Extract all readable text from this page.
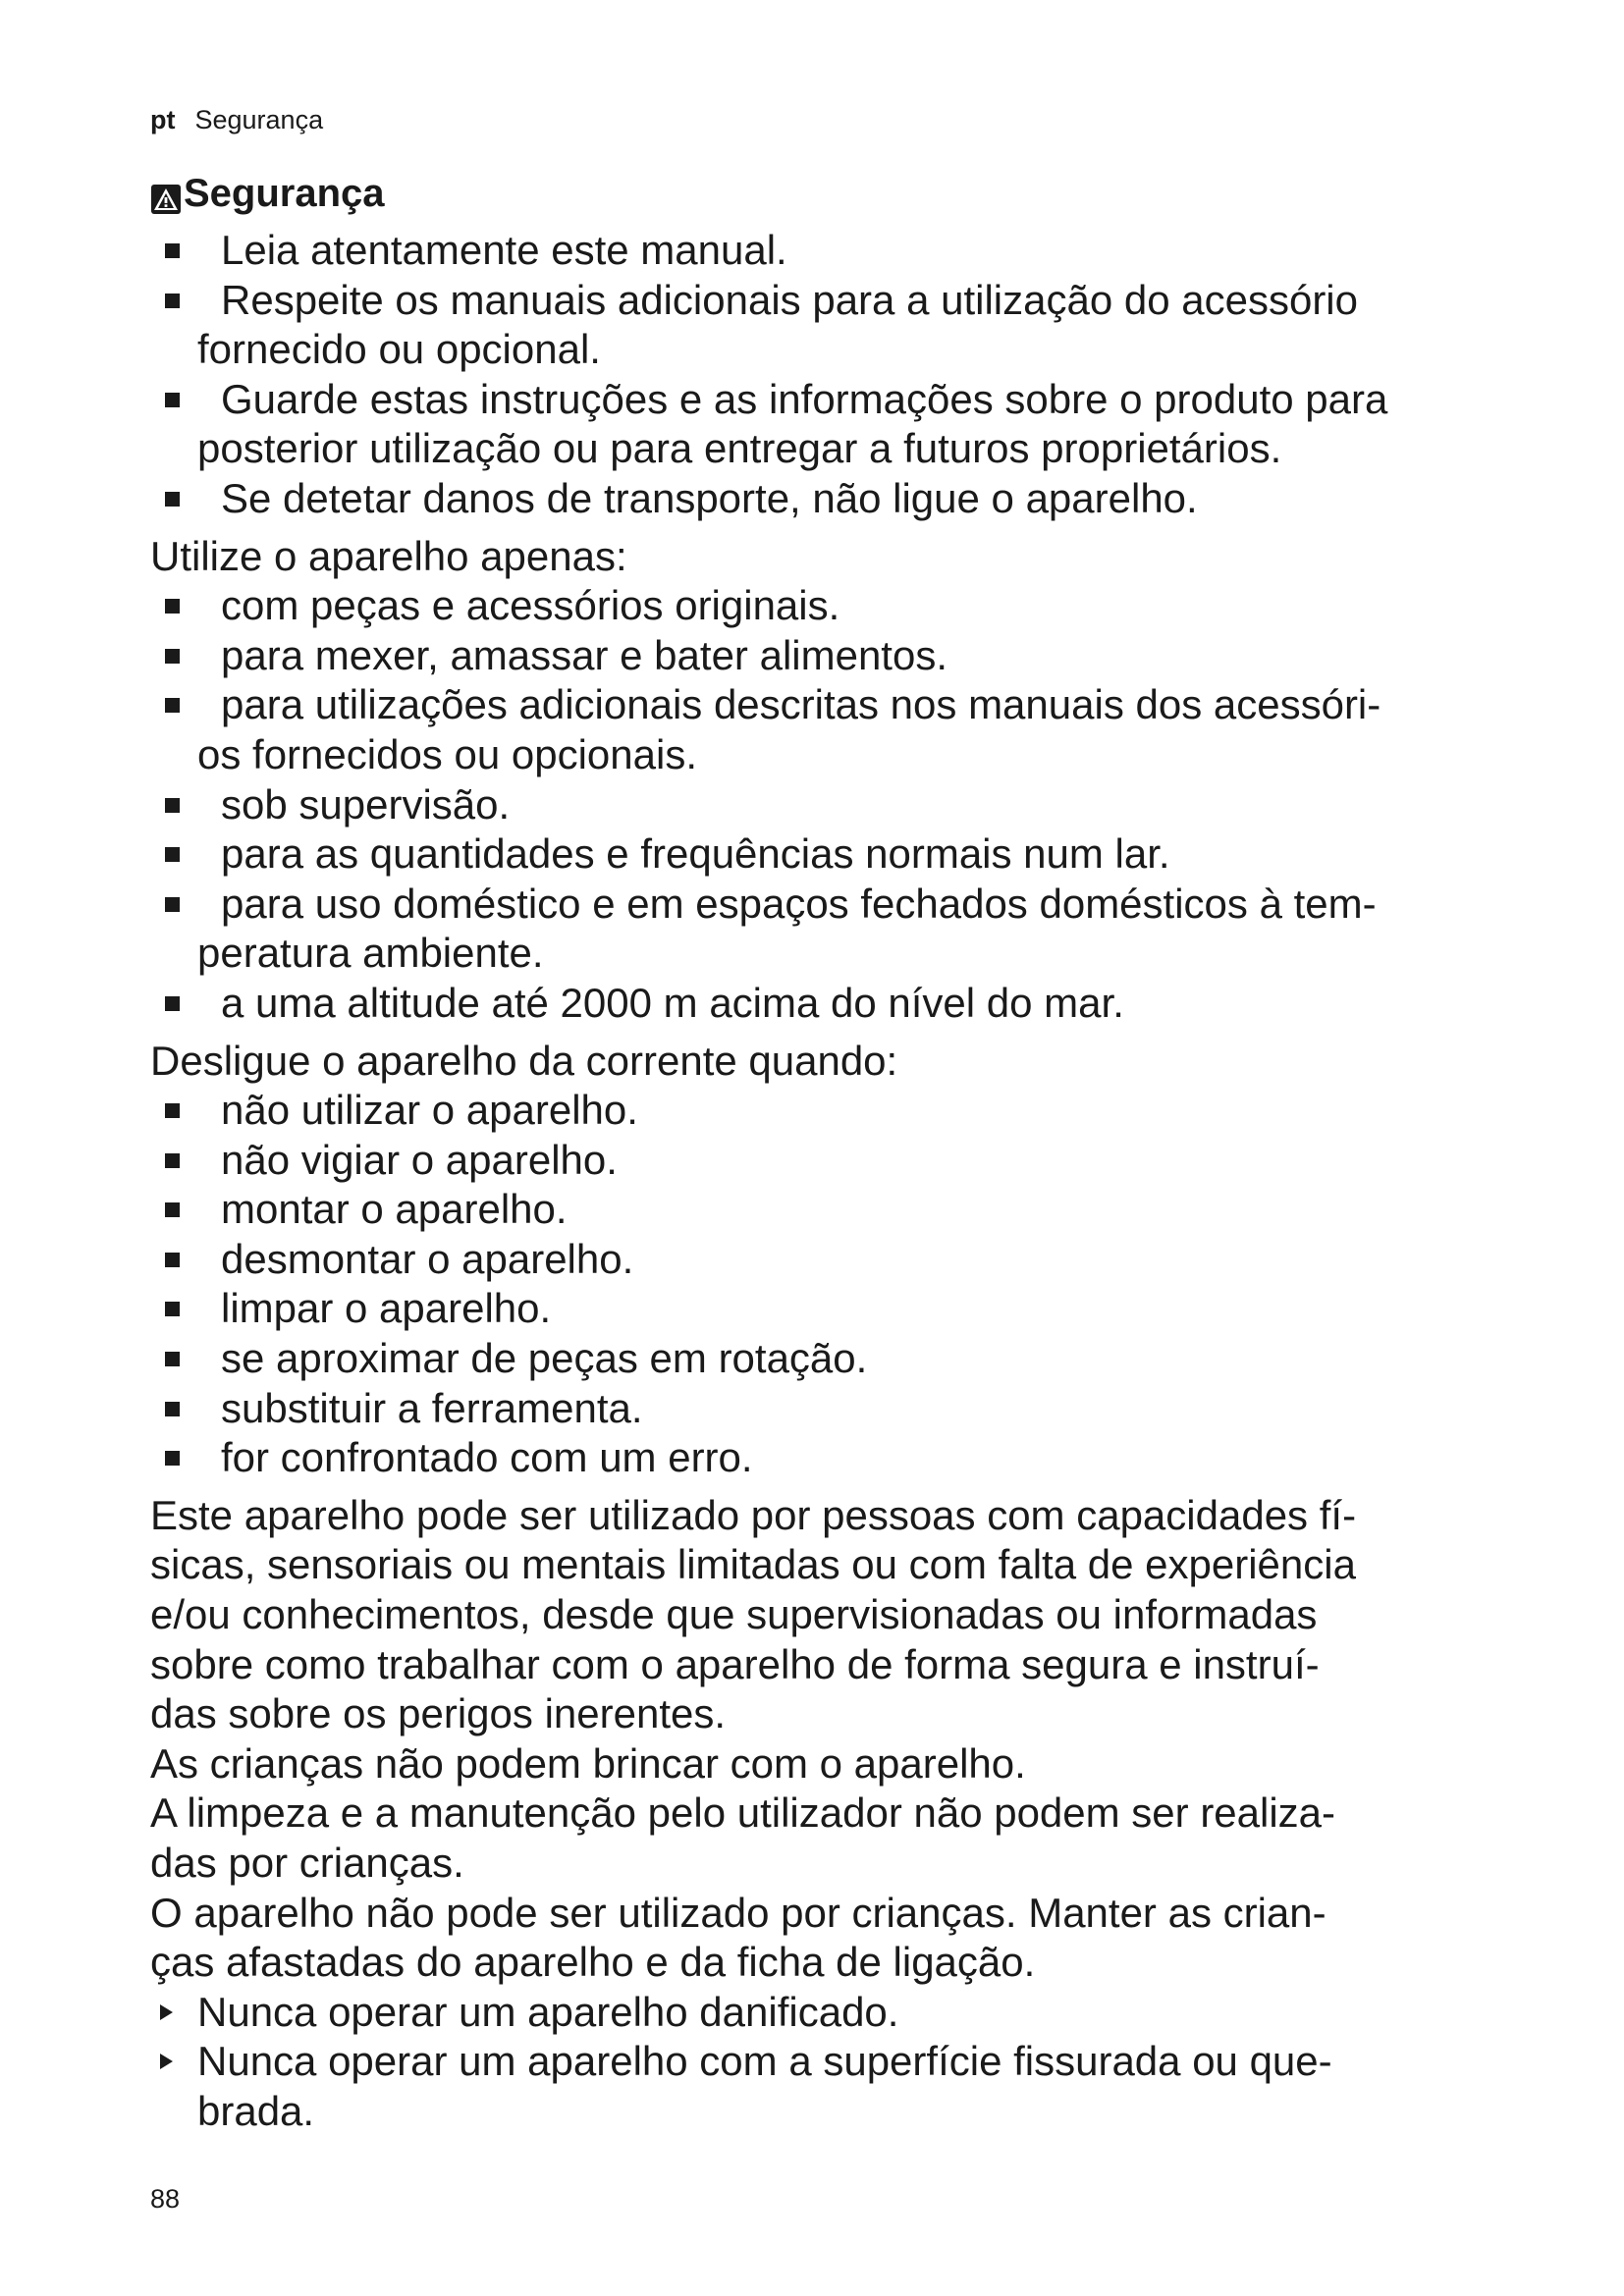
pt Segurança
Segurança
Leia atentamente este manual.
Respeite os manuais adicionais para a utilização do acessório
fornecido ou opcional.
Guarde estas instruções e as informações sobre o produto para
posterior utilização ou para entregar a futuros proprietários.
Se detetar danos de transporte, não ligue o aparelho.

Utilize o aparelho apenas:

com peças e acessórios originais.
para mexer, amassar e bater alimentos.
para utilizações adicionais descritas nos manuais dos acessóri-
os fornecidos ou opcionais.
sob supervisão.
para as quantidades e frequências normais num lar.
para uso doméstico e em espaços fechados domésticos à tem-
peratura ambiente.
a uma altitude até 2000 m acima do nível do mar.

Desligue o aparelho da corrente quando:

não utilizar o aparelho.
não vigiar o aparelho.
montar o aparelho.
desmontar o aparelho.
limpar o aparelho.
se aproximar de peças em rotação.
substituir a ferramenta.
for confrontado com um erro.

Este aparelho pode ser utilizado por pessoas com capacidades fí-
sicas, sensoriais ou mentais limitadas ou com falta de experiência
e/ou conhecimentos, desde que supervisionadas ou informadas
sobre como trabalhar com o aparelho de forma segura e instruí-
das sobre os perigos inerentes.

As crianças não podem brincar com o aparelho.

A limpeza e a manutenção pelo utilizador não podem ser realiza-
das por crianças.

O aparelho não pode ser utilizado por crianças. Manter as crian-
ças afastadas do aparelho e da ficha de ligação.

Nunca operar um aparelho danificado.
Nunca operar um aparelho com a superfície fissurada ou que-
brada.
88
